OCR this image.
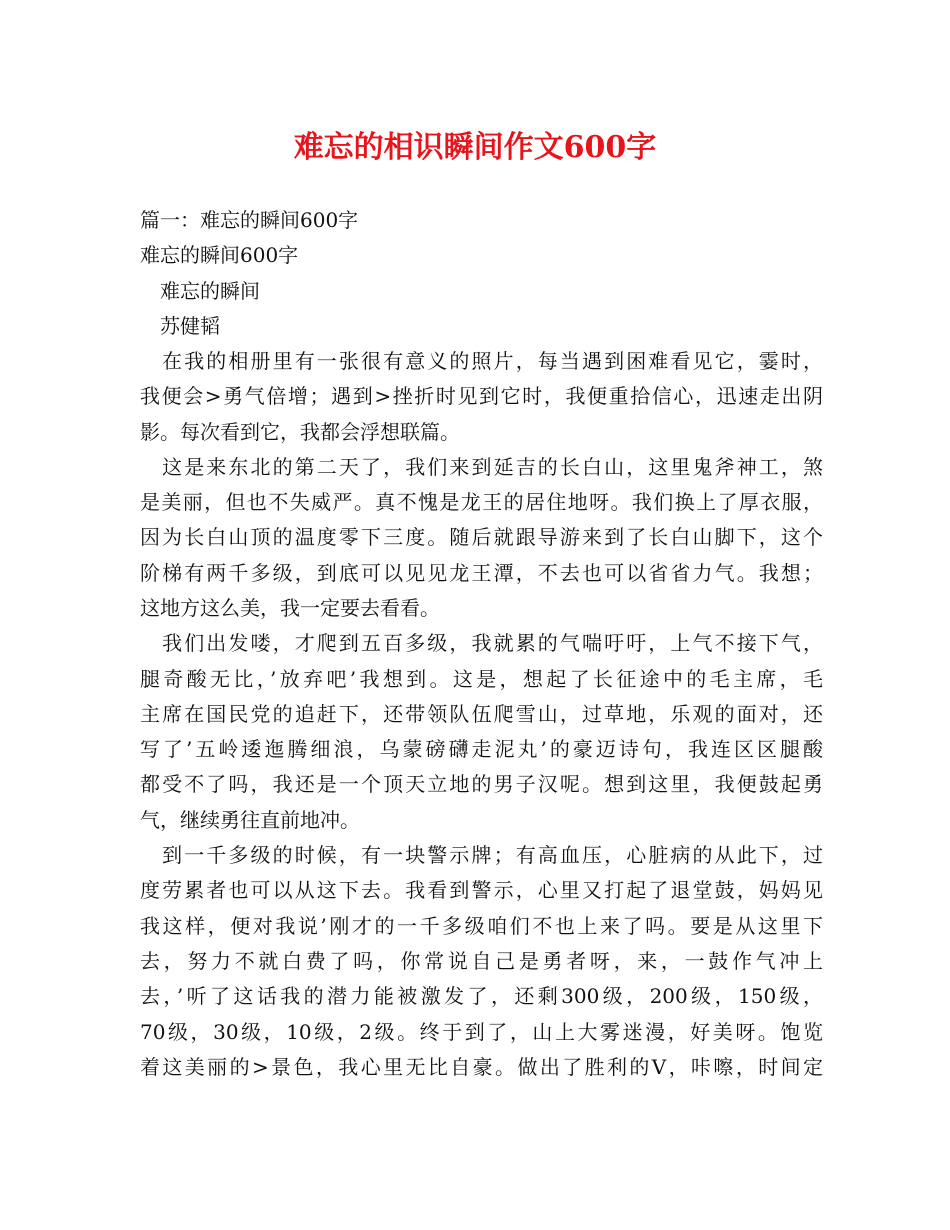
难忘的相识瞬间作文600字
篇一：难忘的瞬间600字
难忘的瞬间600字
　难忘的瞬间
　苏健韬
　在我的相册里有一张很有意义的照片，每当遇到困难看见它，霎时，
我便会>勇气倍增；遇到>挫折时见到它时，我便重拾信心，迅速走出阴
影。每次看到它，我都会浮想联篇。
　这是来东北的第二天了，我们来到延吉的长白山，这里鬼斧神工，煞
是美丽，但也不失威严。真不愧是龙王的居住地呀。我们换上了厚衣服，
因为长白山顶的温度零下三度。随后就跟导游来到了长白山脚下，这个
阶梯有两千多级，到底可以见见龙王潭，不去也可以省省力气。我想；
这地方这么美，我一定要去看看。
　我们出发喽，才爬到五百多级，我就累的气喘吁吁，上气不接下气，
腿奇酸无比，’放弃吧’我想到。这是，想起了长征途中的毛主席，毛
主席在国民党的追赶下，还带领队伍爬雪山，过草地，乐观的面对，还
写了’五岭逶迤腾细浪，乌蒙磅礴走泥丸’的豪迈诗句，我连区区腿酸
都受不了吗，我还是一个顶天立地的男子汉呢。想到这里，我便鼓起勇
气，继续勇往直前地冲。
　到一千多级的时候，有一块警示牌；有高血压，心脏病的从此下，过
度劳累者也可以从这下去。我看到警示，心里又打起了退堂鼓，妈妈见
我这样，便对我说’刚才的一千多级咱们不也上来了吗。要是从这里下
去，努力不就白费了吗，你常说自己是勇者呀，来，一鼓作气冲上
去，’听了这话我的潜力能被激发了，还剩300级，200级，150级，
70级，30级，10级，2级。终于到了，山上大雾迷漫，好美呀。饱览
着这美丽的>景色，我心里无比自豪。做出了胜利的V，咔嚓，时间定
